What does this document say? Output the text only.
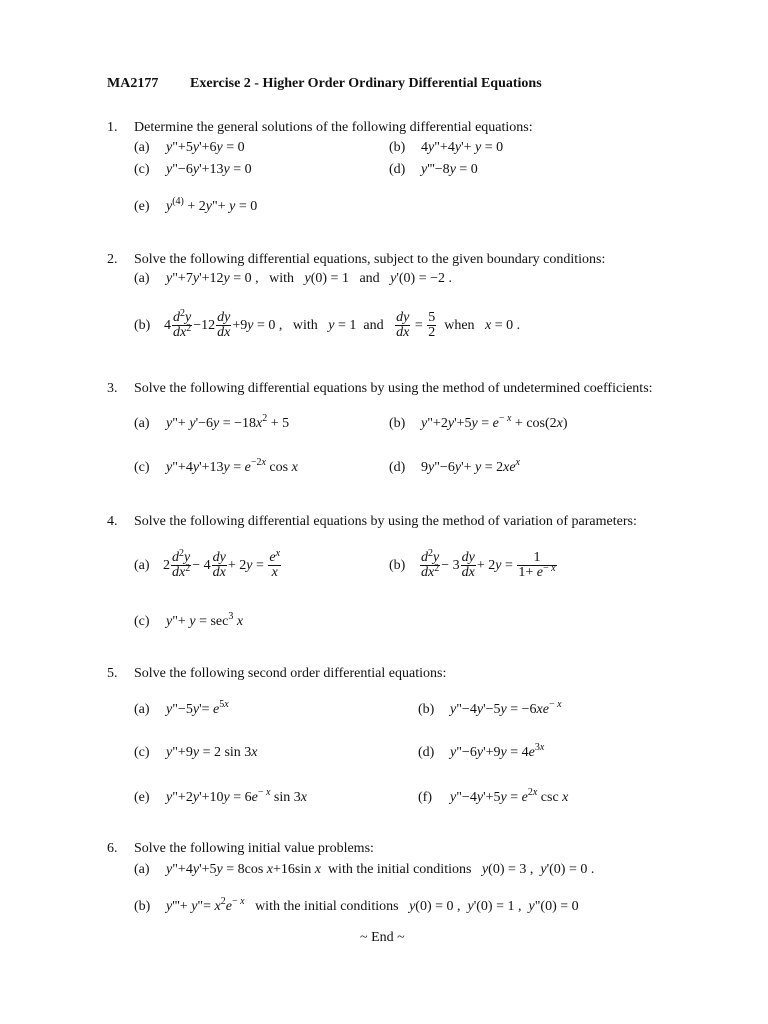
MA2177 Exercise 2 - Higher Order Ordinary Differential Equations
1. Determine the general solutions of the following differential equations:
(a) y"+5y'+6y = 0	(b) 4y"+4y'+ y = 0
(c) y"−6y'+13y = 0	(d) y'''−8y = 0
(e) $y^{(4)}$ + 2y"+ y = 0
2. Solve the following differential equations, subject to the given boundary conditions:
(a) y"+7y'+12y = 0 ,   with   y(0) = 1   and   y'(0) = −2 .
(b) $4 \frac{d^2y}{dx^2} -12 \frac{dy}{dx} +9y = 0$ ,   with   y = 1  and $\frac{dy}{dx} = \frac{5}{2}$ when   x = 0 .
3. Solve the following differential equations by using the method of undetermined coefficients:
(a) y"+ $y'-6y = -18x^2 + 5$	(b) y"+2y'+5y = $e^{- x} + \cos(2x)$
(c) y"+4y'+13y = $e^{-2x}$ cos x	(d) 9y"−6y'+ $y = 2xe^x$
4. Solve the following differential equations by using the method of variation of parameters:
(a) $2 \frac{d^2y}{dx^2} - 4 \frac{dy}{dx} + 2y = \frac{e^x}{x}$	$(b) \frac{d^2y}{dx^2} - 3 \frac{dy}{dx} + 2y = \frac{1}{1+ e^{- x}}$
(c) y"+ $y = \sec^3 x$
5. Solve the following second order differential equations:
(a) y"−5y'= $e^{5x}$	(b) y"−4y'−5y = $-6xe^{- x}$
(c) y"+9y = 2 sin 3x	(d) y"−6y'+9y = $4e^{3x}$
(e) y"+2y'+10y = $6e^{- x}$ sin 3x	(f) y"−4y'+5y = $e^{2x}$ csc x
6. Solve the following initial value problems:
(a) y"+4y'+5y = 8cos x+16sin x  with the initial conditions   y(0) = 3 ,  y'(0) = 0 .
(b) y'''+ y"= $x^2e^{- x}$   with the initial conditions   y(0) = 0 ,  y'(0) = 1 ,  y"(0) = 0
~ End ~
